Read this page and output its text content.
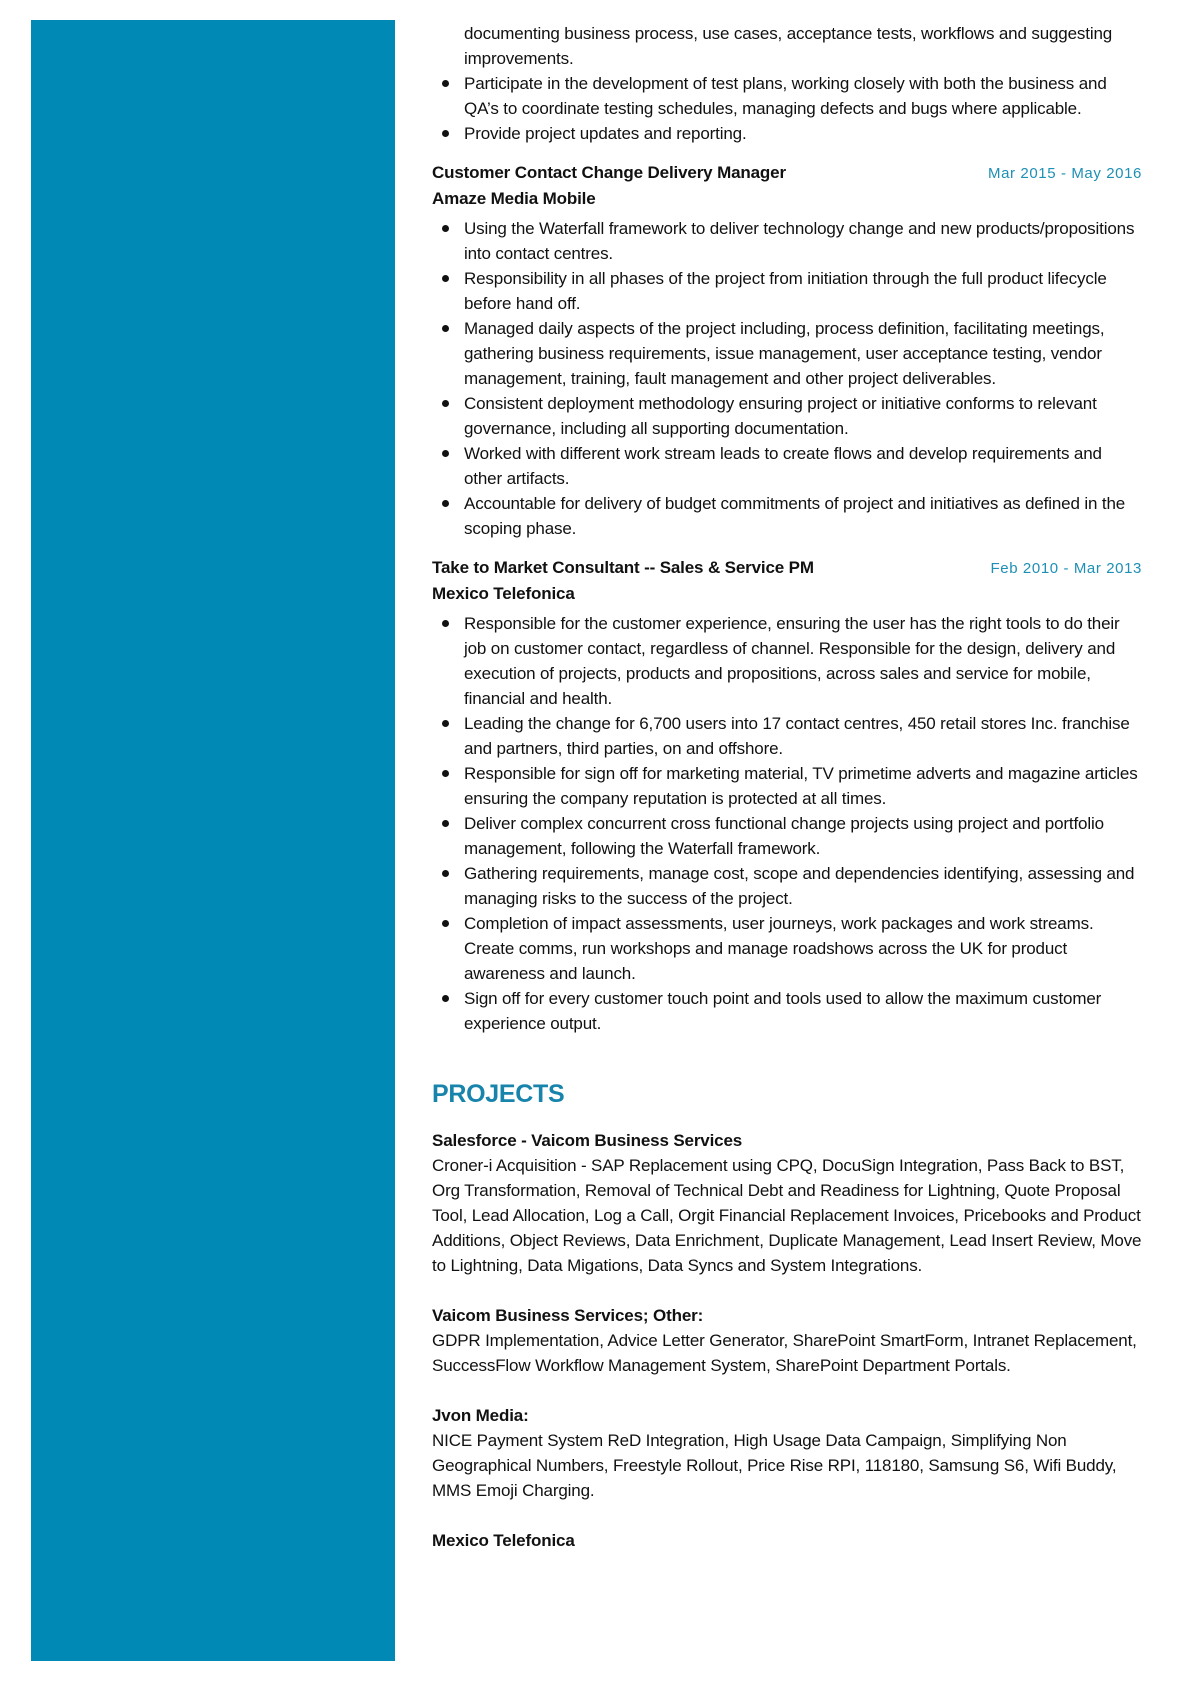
documenting business process, use cases, acceptance tests, workflows and suggesting improvements.
Participate in the development of test plans, working closely with both the business and QA’s to coordinate testing schedules, managing defects and bugs where applicable.
Provide project updates and reporting.
Customer Contact Change Delivery Manager	Mar 2015 - May 2016
Amaze Media Mobile
Using the Waterfall framework to deliver technology change and new products/propositions into contact centres.
Responsibility in all phases of the project from initiation through the full product lifecycle before hand off.
Managed daily aspects of the project including, process definition, facilitating meetings, gathering business requirements, issue management, user acceptance testing, vendor management, training, fault management and other project deliverables.
Consistent deployment methodology ensuring project or initiative conforms to relevant governance, including all supporting documentation.
Worked with different work stream leads to create flows and develop requirements and other artifacts.
Accountable for delivery of budget commitments of project and initiatives as defined in the scoping phase.
Take to Market Consultant -- Sales & Service PM	Feb 2010 - Mar 2013
Mexico Telefonica
Responsible for the customer experience, ensuring the user has the right tools to do their job on customer contact, regardless of channel. Responsible for the design, delivery and execution of projects, products and propositions, across sales and service for mobile, financial and health.
Leading the change for 6,700 users into 17 contact centres, 450 retail stores Inc. franchise and partners, third parties, on and offshore.
Responsible for sign off for marketing material, TV primetime adverts and magazine articles ensuring the company reputation is protected at all times.
Deliver complex concurrent cross functional change projects using project and portfolio management, following the Waterfall framework.
Gathering requirements, manage cost, scope and dependencies identifying, assessing and managing risks to the success of the project.
Completion of impact assessments, user journeys, work packages and work streams. Create comms, run workshops and manage roadshows across the UK for product awareness and launch.
Sign off for every customer touch point and tools used to allow the maximum customer experience output.
PROJECTS
Salesforce - Vaicom Business Services
Croner-i Acquisition - SAP Replacement using CPQ, DocuSign Integration, Pass Back to BST, Org Transformation, Removal of Technical Debt and Readiness for Lightning, Quote Proposal Tool, Lead Allocation, Log a Call, Orgit Financial Replacement Invoices, Pricebooks and Product Additions, Object Reviews, Data Enrichment, Duplicate Management, Lead Insert Review, Move to Lightning, Data Migations, Data Syncs and System Integrations.
Vaicom Business Services; Other:
GDPR Implementation, Advice Letter Generator, SharePoint SmartForm, Intranet Replacement, SuccessFlow Workflow Management System, SharePoint Department Portals.
Jvon Media:
NICE Payment System ReD Integration, High Usage Data Campaign, Simplifying Non Geographical Numbers, Freestyle Rollout, Price Rise RPI, 118180, Samsung S6, Wifi Buddy, MMS Emoji Charging.
Mexico Telefonica
